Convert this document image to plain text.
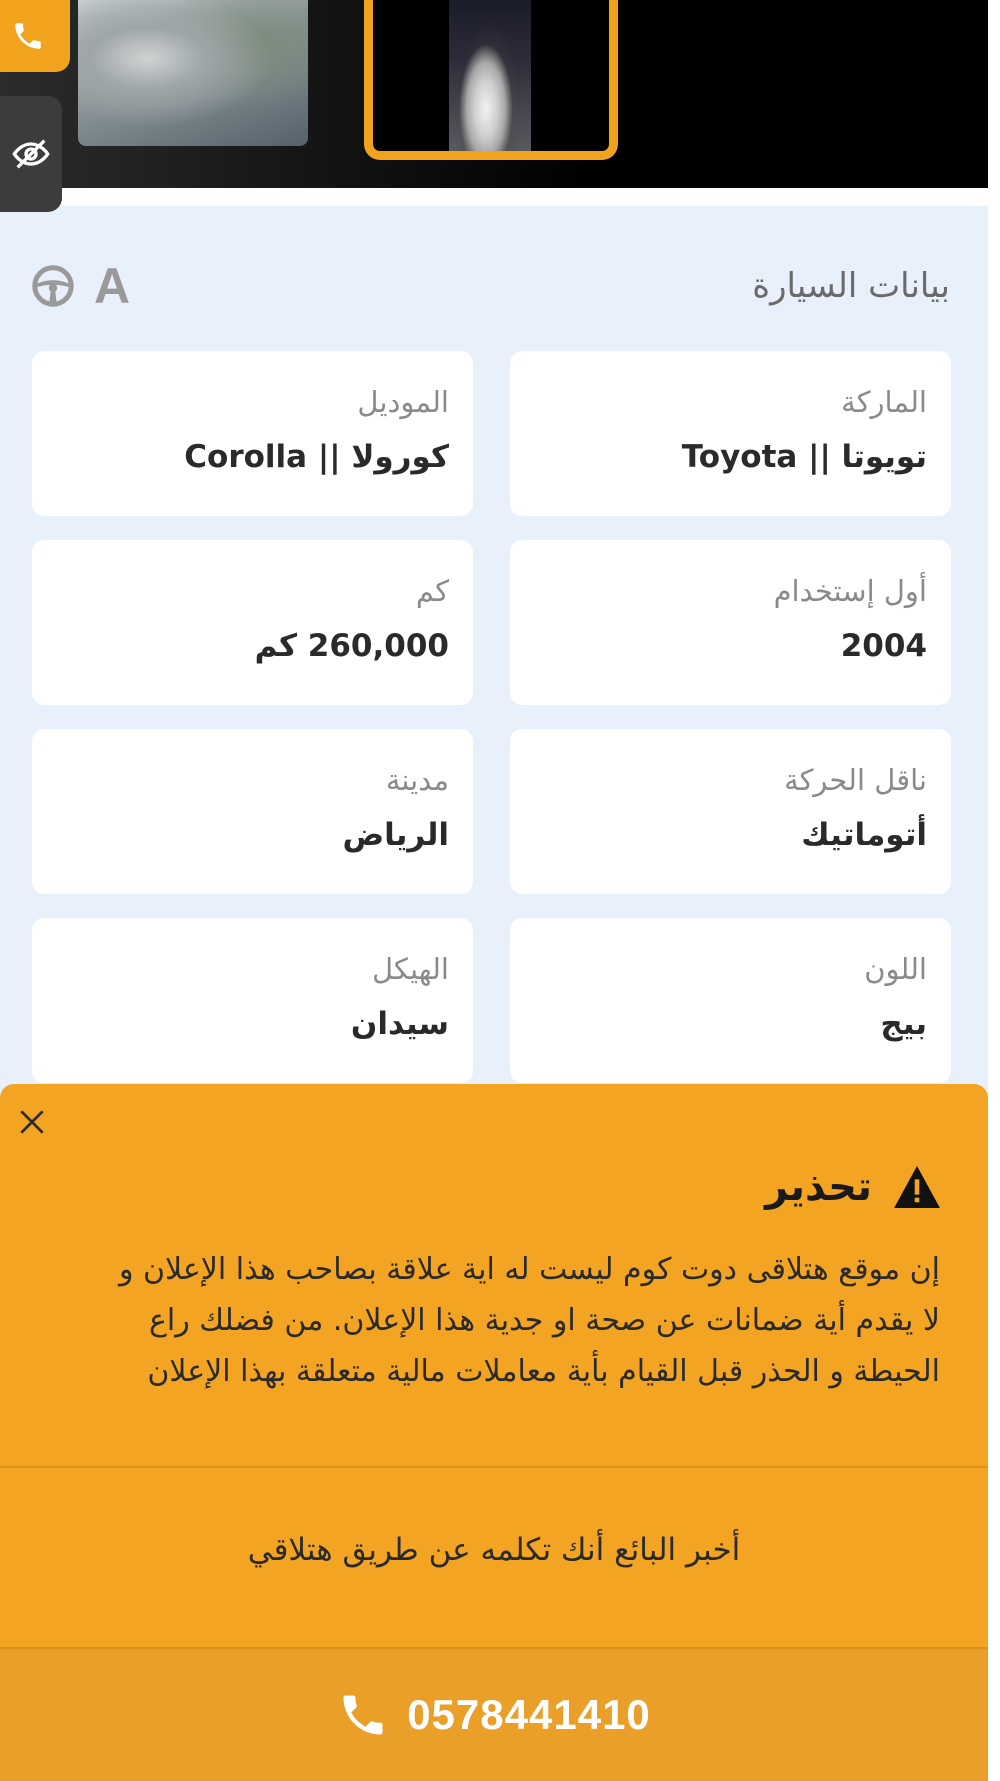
بيانات السيارة
A
الماركة
تويوتا || Toyota
الموديل
كورولا || Corolla
أول إستخدام
2004
كم
260,000 كم
ناقل الحركة
أتوماتيك
مدينة
الرياض
اللون
بيج
الهيكل
سيدان
تحذير
إن موقع هتلاقى دوت كوم ليست له اية علاقة بصاحب هذا الإعلان و
لا يقدم أية ضمانات عن صحة او جدية هذا الإعلان. من فضلك راع
الحيطة و الحذر قبل القيام بأية معاملات مالية متعلقة بهذا الإعلان
أخبر البائع أنك تكلمه عن طريق هتلاقي
0578441410
